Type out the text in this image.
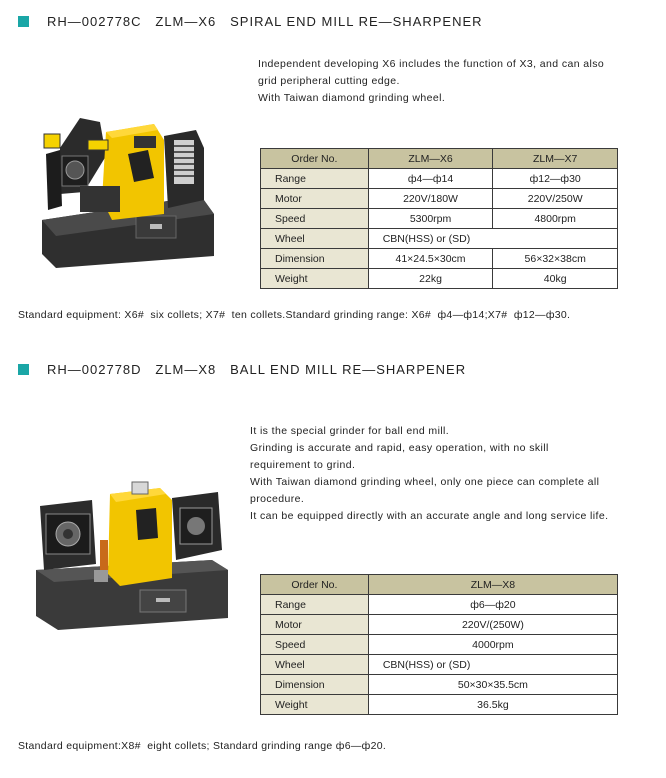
RH—002778C   ZLM—X6   SPIRAL END MILL RE—SHARPENER

Independent developing X6 includes the function of X3, and can also

grid peripheral cutting edge.

With Taiwan diamond grinding wheel.

Order No.	ZLM—X6	ZLM—X7
Range	ф4—ф14	ф12—ф30
Motor	220V/180W	220V/250W
Speed	5300rpm	4800rpm
Wheel	CBN(HSS) or (SD)	
Dimension	41×24.5×30cm	56×32×38cm
Weight	22kg	40kg
Standard equipment: X6#  six collets; X7#  ten collets.Standard grinding range: X6#  ф4—ф14;X7#  ф12—ф30.
RH—002778D   ZLM—X8   BALL END MILL RE—SHARPENER

It is the special grinder for ball end mill.

Grinding is accurate and rapid, easy operation, with no skill

requirement to grind.

With Taiwan diamond grinding wheel, only one piece can complete all

procedure.

It can be equipped directly with an accurate angle and long service life.

Order No.	ZLM—X8
Range	ф6—ф20
Motor	220V/(250W)
Speed	4000rpm
Wheel	CBN(HSS) or (SD)
Dimension	50×30×35.5cm
Weight	36.5kg
Standard equipment:X8#  eight collets; Standard grinding range ф6—ф20.
